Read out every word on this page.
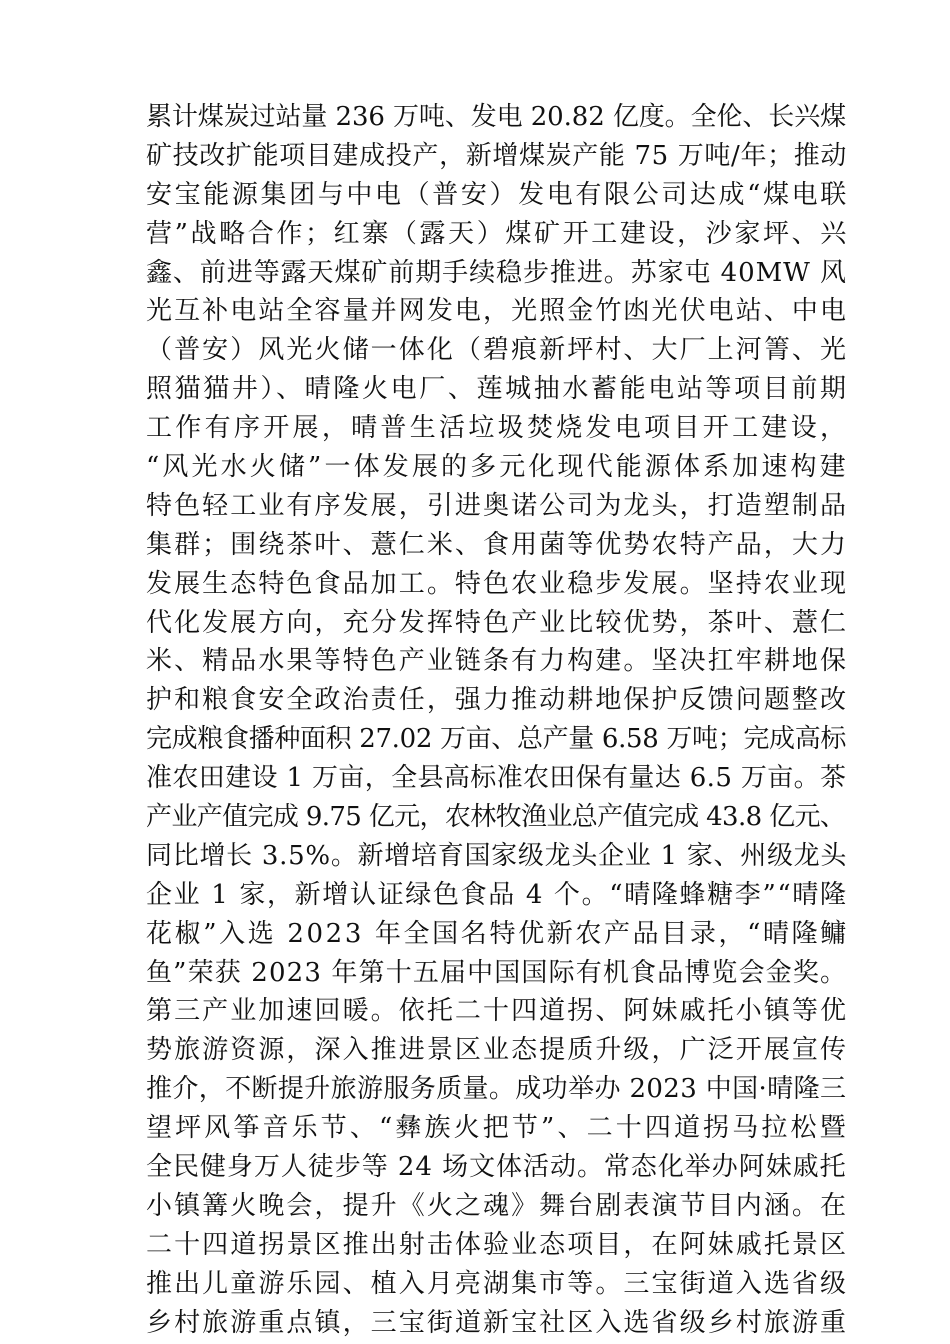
累计煤炭过站量 236 万吨、发电 20.82 亿度。全伦、长兴煤
矿技改扩能项目建成投产，新增煤炭产能 75 万吨/年；推动
安宝能源集团与中电（普安）发电有限公司达成“煤电联
营”战略合作；红寨（露天）煤矿开工建设，沙家坪、兴
鑫、前进等露天煤矿前期手续稳步推进。苏家屯 40MW 风
光互补电站全容量并网发电，光照金竹凼光伏电站、中电
（普安）风光火储一体化（碧痕新坪村、大厂上河箐、光
照猫猫井）、晴隆火电厂、莲城抽水蓄能电站等项目前期
工作有序开展，晴普生活垃圾焚烧发电项目开工建设，
“风光水火储”一体发展的多元化现代能源体系加速构建
特色轻工业有序发展，引进奥诺公司为龙头，打造塑制品
集群；围绕茶叶、薏仁米、食用菌等优势农特产品，大力
发展生态特色食品加工。特色农业稳步发展。坚持农业现
代化发展方向，充分发挥特色产业比较优势，茶叶、薏仁
米、精品水果等特色产业链条有力构建。坚决扛牢耕地保
护和粮食安全政治责任，强力推动耕地保护反馈问题整改
完成粮食播种面积 27.02 万亩、总产量 6.58 万吨；完成高标
准农田建设 1 万亩，全县高标准农田保有量达 6.5 万亩。茶
产业产值完成 9.75 亿元，农林牧渔业总产值完成 43.8 亿元、
同比增长 3.5%。新增培育国家级龙头企业 1 家、州级龙头
企业 1 家，新增认证绿色食品 4 个。“晴隆蜂糖李”“晴隆
花椒”入选 2023 年全国名特优新农产品目录，“晴隆鳙
鱼”荣获 2023 年第十五届中国国际有机食品博览会金奖。
第三产业加速回暖。依托二十四道拐、阿妹戚托小镇等优
势旅游资源，深入推进景区业态提质升级，广泛开展宣传
推介，不断提升旅游服务质量。成功举办 2023 中国·晴隆三
望坪风筝音乐节、“彝族火把节”、二十四道拐马拉松暨
全民健身万人徒步等 24 场文体活动。常态化举办阿妹戚托
小镇篝火晚会，提升《火之魂》舞台剧表演节目内涵。在
二十四道拐景区推出射击体验业态项目，在阿妹戚托景区
推出儿童游乐园、植入月亮湖集市等。三宝街道入选省级
乡村旅游重点镇，三宝街道新宝社区入选省级乡村旅游重
